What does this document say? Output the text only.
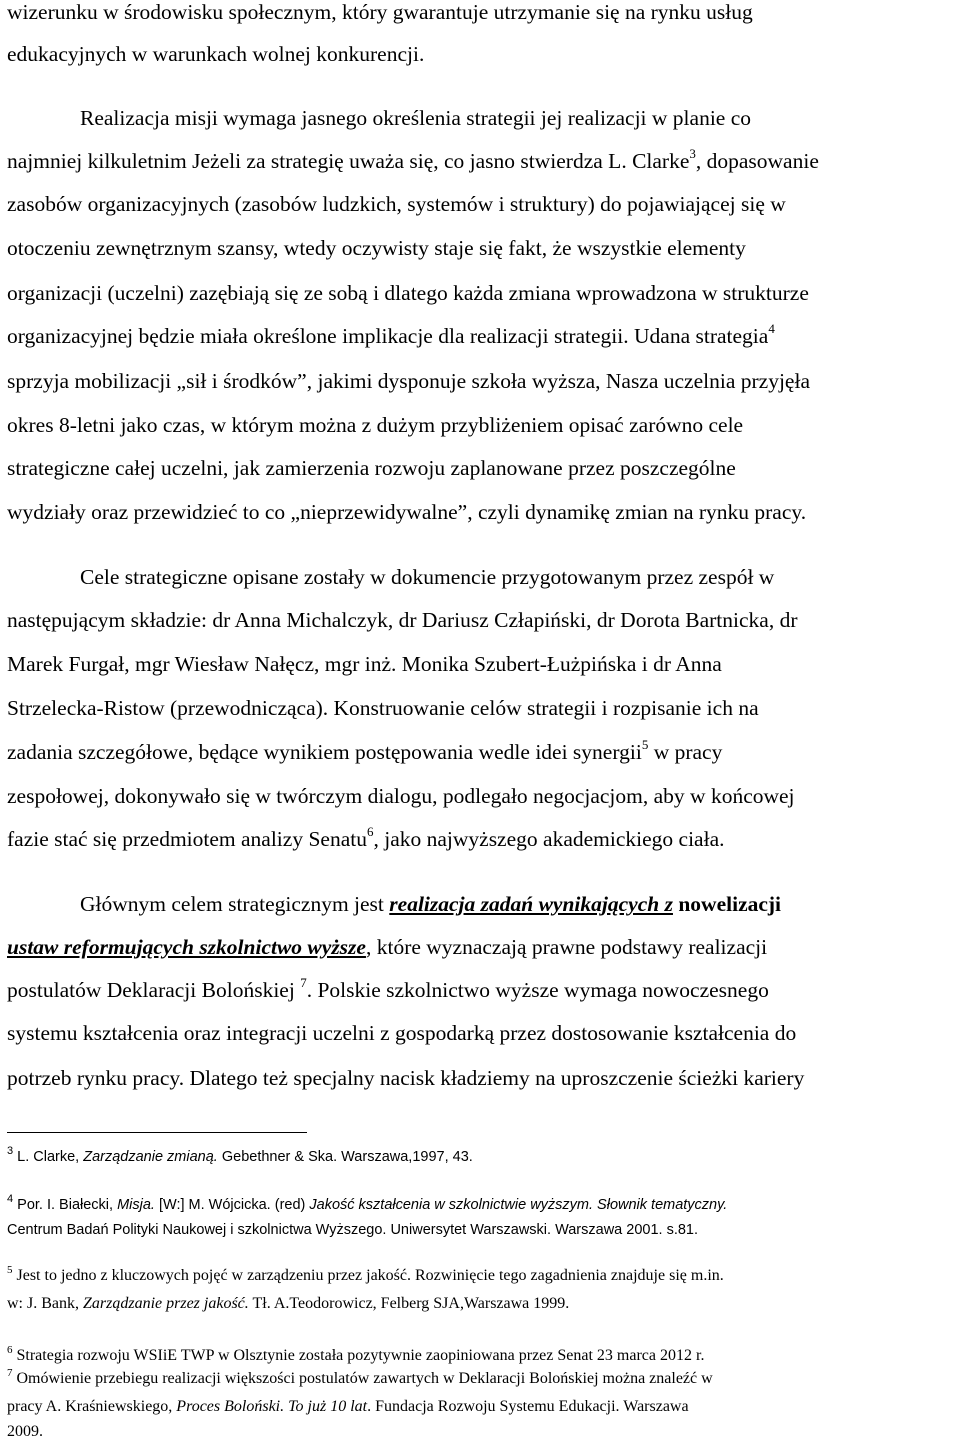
wizerunku w środowisku społecznym, który gwarantuje utrzymanie się na rynku usług
edukacyjnych w warunkach wolnej konkurencji.
Realizacja misji wymaga jasnego określenia strategii jej realizacji w planie co
najmniej kilkuletnim Jeżeli za strategię uważa się, co jasno stwierdza L. Clarke$^3$, dopasowanie
zasobów organizacyjnych (zasobów ludzkich, systemów i struktury) do pojawiającej się w
otoczeniu zewnętrznym szansy, wtedy oczywisty staje się fakt, że wszystkie elementy
organizacji (uczelni) zazębiają się ze sobą i dlatego każda zmiana wprowadzona w strukturze
organizacyjnej będzie miała określone implikacje dla realizacji strategii. Udana strategia$^4$
sprzyja mobilizacji „sił i środków”, jakimi dysponuje szkoła wyższa, Nasza uczelnia przyjęła
okres 8-letni jako czas, w którym można z dużym przybliżeniem opisać zarówno cele
strategiczne całej uczelni, jak zamierzenia rozwoju zaplanowane przez poszczególne
wydziały oraz przewidzieć to co „nieprzewidywalne”, czyli dynamikę zmian na rynku pracy.
Cele strategiczne opisane zostały w dokumencie przygotowanym przez zespół w
następującym składzie: dr Anna Michalczyk, dr Dariusz Człapiński, dr Dorota Bartnicka, dr
Marek Furgał, mgr Wiesław Nałęcz, mgr inż. Monika Szubert-Łużpińska i dr Anna
Strzelecka-Ristow (przewodnicząca). Konstruowanie celów strategii i rozpisanie ich na
zadania szczegółowe, będące wynikiem postępowania wedle idei synergii$^5$ w pracy
zespołowej, dokonywało się w twórczym dialogu, podlegało negocjacjom, aby w końcowej
fazie stać się przedmiotem analizy Senatu$^6$, jako najwyższego akademickiego ciała.
Głównym celem strategicznym jest realizacja zadań wynikających z nowelizacji
ustaw reformujących szkolnictwo wyższe, które wyznaczają prawne podstawy realizacji
postulatów Deklaracji Bolońskiej $^7$. Polskie szkolnictwo wyższe wymaga nowoczesnego
systemu kształcenia oraz integracji uczelni z gospodarką przez dostosowanie kształcenia do
potrzeb rynku pracy. Dlatego też specjalny nacisk kładziemy na uproszczenie ścieżki kariery
$^3$ L. Clarke, Zarządzanie zmianą. Gebethner & Ska. Warszawa,1997, 43.
$^4$ Por. I. Białecki, Misja. [W:] M. Wójcicka. (red) Jakość kształcenia w szkolnictwie wyższym. Słownik tematyczny.
Centrum Badań Polityki Naukowej i szkolnictwa Wyższego. Uniwersytet Warszawski. Warszawa 2001. s.81.
$^5$ Jest to jedno z kluczowych pojęć w zarządzeniu przez jakość. Rozwinięcie tego zagadnienia znajduje się m.in.
w: J. Bank, Zarządzanie przez jakość. Tł. A.Teodorowicz, Felberg SJA,Warszawa 1999.
$^6$ Strategia rozwoju WSIiE TWP w Olsztynie została pozytywnie zaopiniowana przez Senat 23 marca 2012 r.
$^7$ Omówienie przebiegu realizacji większości postulatów zawartych w Deklaracji Bolońskiej można znaleźć w
pracy A. Kraśniewskiego, Proces Boloński. To już 10 lat. Fundacja Rozwoju Systemu Edukacji. Warszawa
2009.
